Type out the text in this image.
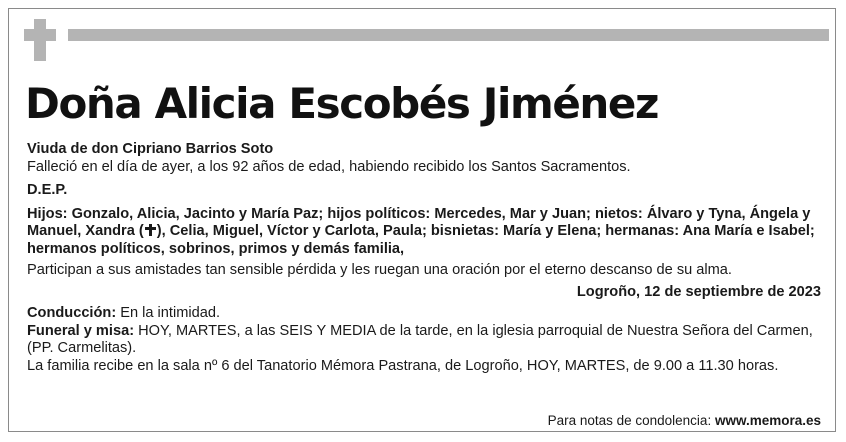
Doña Alicia Escobés Jiménez

Viuda de don Cipriano Barrios Soto

Falleció en el día de ayer, a los 92 años de edad, habiendo recibido los Santos Sacramentos.

D.E.P.

Hijos: Gonzalo, Alicia, Jacinto y María Paz; hijos políticos: Mercedes, Mar y Juan; nietos: Álvaro y Tyna, Ángela y Manuel, Xandra ( ), Celia, Miguel, Víctor y Carlota, Paula; bisnietas: María y Elena; hermanas: Ana María e Isabel; hermanos políticos, sobrinos, primos y demás familia,

Participan a sus amistades tan sensible pérdida y les ruegan una oración por el eterno descanso de su alma.

Logroño, 12 de septiembre de 2023

Conducción: En la intimidad.

Funeral y misa: HOY, MARTES, a las SEIS Y MEDIA de la tarde, en la iglesia parroquial de Nuestra Señora del Carmen, (PP. Carmelitas).

La familia recibe en la sala nº 6 del Tanatorio Mémora Pastrana, de Logroño, HOY, MARTES, de 9.00 a 11.30 horas.

Para notas de condolencia: www.memora.es
